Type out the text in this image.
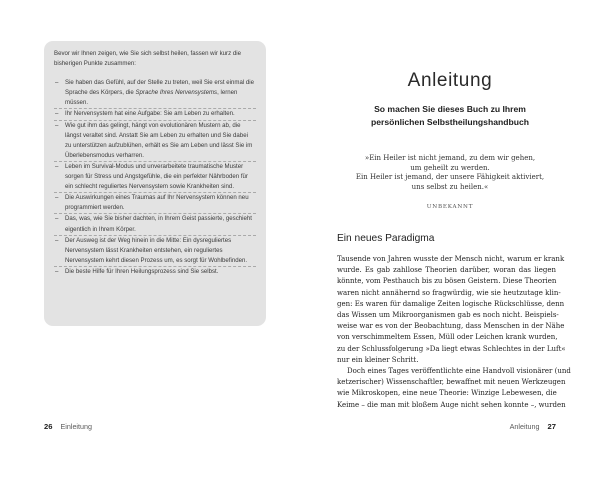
Bevor wir Ihnen zeigen, wie Sie sich selbst heilen, fassen wir kurz die bisherigen Punkte zusammen:

– Sie haben das Gefühl, auf der Stelle zu treten, weil Sie erst einmal die Sprache des Körpers, die Sprache Ihres Nervensystems, lernen müssen.
– Ihr Nervensystem hat eine Aufgabe: Sie am Leben zu erhalten.
– Wie gut ihm das gelingt, hängt von evolutionären Mustern ab, die längst veraltet sind. Anstatt Sie am Leben zu erhalten und Sie dabei zu unterstützen aufzublühen, erhält es Sie am Leben und lässt Sie im Überlebensmodus verharren.
– Leben im Survival-Modus und unverarbeitete traumatische Muster sorgen für Stress und Angstgefühle, die ein perfekter Nährboden für ein schlecht reguliertes Nervensystem sowie Krankheiten sind.
– Die Auswirkungen eines Traumas auf Ihr Nervensystem können neu programmiert werden.
– Das, was, wie Sie bisher dachten, in Ihrem Geist passierte, geschieht eigentlich in Ihrem Körper.
– Der Ausweg ist der Weg hinein in die Mitte: Ein dysreguliertes Nervensystem lässt Krankheiten entstehen, ein reguliertes Nervensystem kehrt diesen Prozess um, es sorgt für Wohlbefinden.
– Die beste Hilfe für Ihren Heilungsprozess sind Sie selbst.
26 Einleitung
Anleitung
So machen Sie dieses Buch zu Ihrem
persönlichen Selbstheilungshandbuch
»Ein Heiler ist nicht jemand, zu dem wir gehen,
um geheilt zu werden.
Ein Heiler ist jemand, der unsere Fähigkeit aktiviert,
uns selbst zu heilen.«
UNBEKANNT
Ein neues Paradigma
Tausende von Jahren wusste der Mensch nicht, warum er krank
wurde. Es gab zahllose Theorien darüber, woran das liegen
könnte, vom Pesthauch bis zu bösen Geistern. Diese Theorien
waren nicht annähernd so fragwürdig, wie sie heutzutage klin-
gen: Es waren für damalige Zeiten logische Rückschlüsse, denn
das Wissen um Mikroorganismen gab es noch nicht. Beispiels-
weise war es von der Beobachtung, dass Menschen in der Nähe
von verschimmeltem Essen, Müll oder Leichen krank wurden,
zu der Schlussfolgerung »Da liegt etwas Schlechtes in der Luft«
nur ein kleiner Schritt.
Doch eines Tages veröffentlichte eine Handvoll visionärer (und
ketzerischer) Wissenschaftler, bewaffnet mit neuen Werkzeugen
wie Mikroskopen, eine neue Theorie: Winzige Lebewesen, die
Keime – die man mit bloßem Auge nicht sehen konnte –, wurden
Anleitung 27
